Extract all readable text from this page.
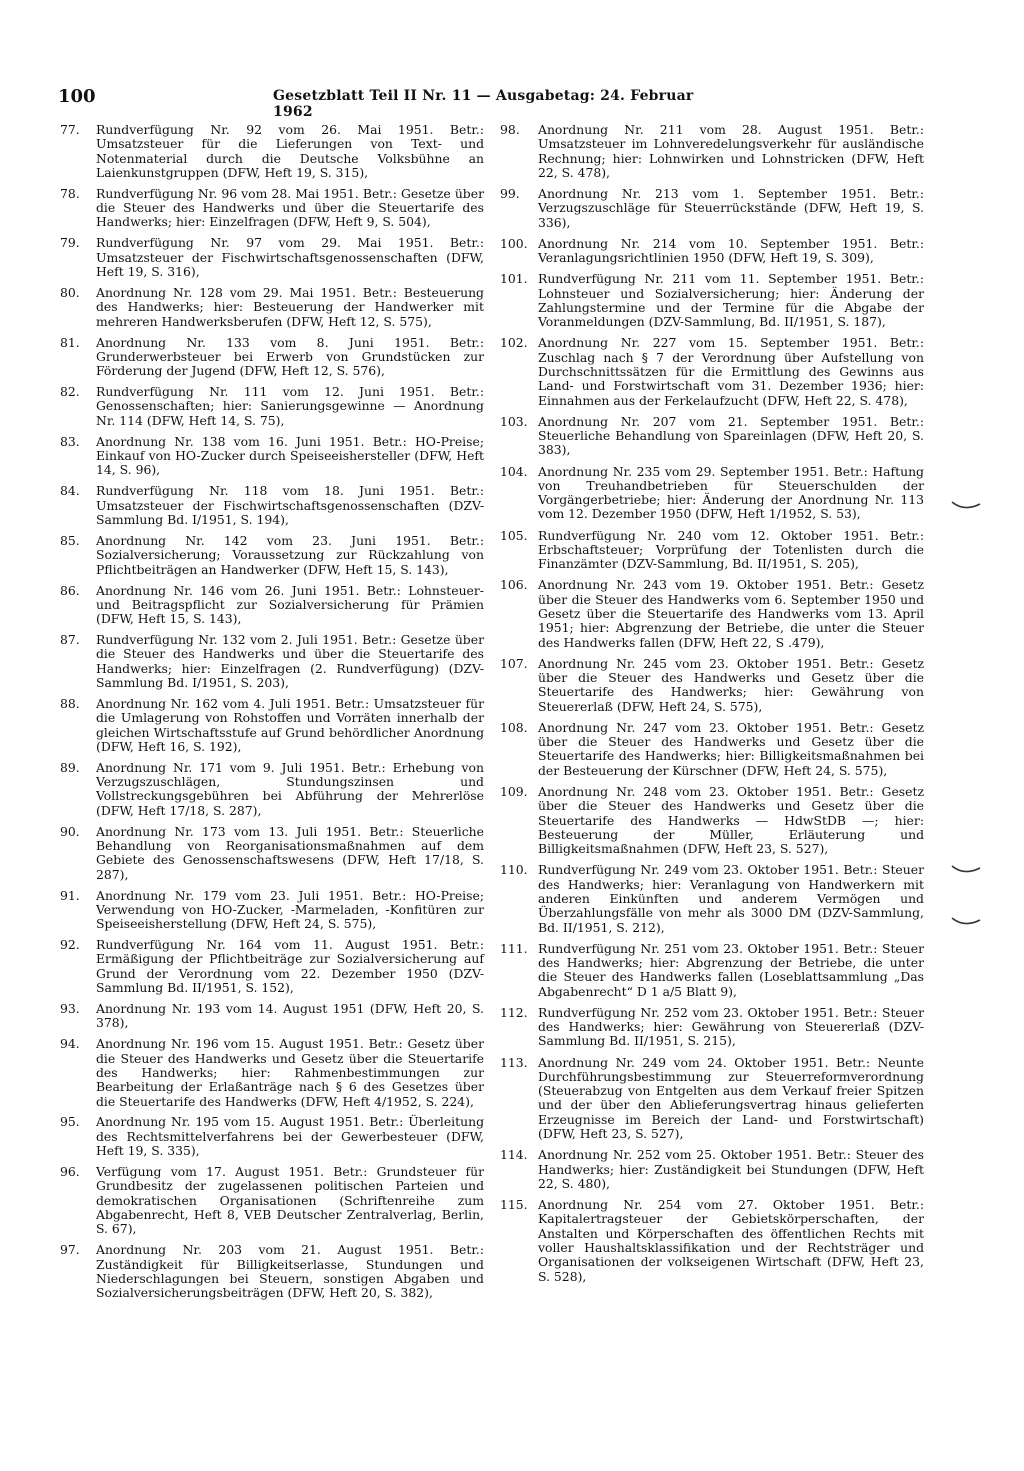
100	Gesetzblatt Teil II Nr. 11 — Ausgabetag: 24. Februar 1962
77.	Rundverfügung Nr. 92 vom 26. Mai 1951. Betr.: Umsatzsteuer für die Lieferungen von Text- und Notenmaterial durch die Deutsche Volksbühne an Laienkunstgruppen (DFW, Heft 19, S. 315),
78.	Rundverfügung Nr. 96 vom 28. Mai 1951. Betr.: Gesetze über die Steuer des Handwerks und über die Steuertarife des Handwerks; hier: Einzelfragen (DFW, Heft 9, S. 504),
79.	Rundverfügung Nr. 97 vom 29. Mai 1951. Betr.: Umsatzsteuer der Fischwirtschaftsgenossenschaften (DFW, Heft 19, S. 316),
80.	Anordnung Nr. 128 vom 29. Mai 1951. Betr.: Besteuerung des Handwerks; hier: Besteuerung der Handwerker mit mehreren Handwerksberufen (DFW, Heft 12, S. 575),
81.	Anordnung Nr. 133 vom 8. Juni 1951. Betr.: Grunderwerbsteuer bei Erwerb von Grundstücken zur Förderung der Jugend (DFW, Heft 12, S. 576),
82.	Rundverfügung Nr. 111 vom 12. Juni 1951. Betr.: Genossenschaften; hier: Sanierungsgewinne — Anordnung Nr. 114 (DFW, Heft 14, S. 75),
83.	Anordnung Nr. 138 vom 16. Juni 1951. Betr.: HO-Preise; Einkauf von HO-Zucker durch Speiseeishersteller (DFW, Heft 14, S. 96),
84.	Rundverfügung Nr. 118 vom 18. Juni 1951. Betr.: Umsatzsteuer der Fischwirtschaftsgenossenschaften (DZV-Sammlung Bd. I/1951, S. 194),
85.	Anordnung Nr. 142 vom 23. Juni 1951. Betr.: Sozialversicherung; Voraussetzung zur Rückzahlung von Pflichtbeiträgen an Handwerker (DFW, Heft 15, S. 143),
86.	Anordnung Nr. 146 vom 26. Juni 1951. Betr.: Lohnsteuer- und Beitragspflicht zur Sozialversicherung für Prämien (DFW, Heft 15, S. 143),
87.	Rundverfügung Nr. 132 vom 2. Juli 1951. Betr.: Gesetze über die Steuer des Handwerks und über die Steuertarife des Handwerks; hier: Einzelfragen (2. Rundverfügung) (DZV-Sammlung Bd. I/1951, S. 203),
88.	Anordnung Nr. 162 vom 4. Juli 1951. Betr.: Umsatzsteuer für die Umlagerung von Rohstoffen und Vorräten innerhalb der gleichen Wirtschaftsstufe auf Grund behördlicher Anordnung (DFW, Heft 16, S. 192),
89.	Anordnung Nr. 171 vom 9. Juli 1951. Betr.: Erhebung von Verzugszuschlägen, Stundungszinsen und Vollstreckungsgebühren bei Abführung der Mehrerlöse (DFW, Heft 17/18, S. 287),
90.	Anordnung Nr. 173 vom 13. Juli 1951. Betr.: Steuerliche Behandlung von Reorganisationsmaßnahmen auf dem Gebiete des Genossenschaftswesens (DFW, Heft 17/18, S. 287),
91.	Anordnung Nr. 179 vom 23. Juli 1951. Betr.: HO-Preise; Verwendung von HO-Zucker, -Marmeladen, -Konfitüren zur Speiseeisherstellung (DFW, Heft 24, S. 575),
92.	Rundverfügung Nr. 164 vom 11. August 1951. Betr.: Ermäßigung der Pflichtbeiträge zur Sozialversicherung auf Grund der Verordnung vom 22. Dezember 1950 (DZV-Sammlung Bd. II/1951, S. 152),
93.	Anordnung Nr. 193 vom 14. August 1951 (DFW, Heft 20, S. 378),
94.	Anordnung Nr. 196 vom 15. August 1951. Betr.: Gesetz über die Steuer des Handwerks und Gesetz über die Steuertarife des Handwerks; hier: Rahmenbestimmungen zur Bearbeitung der Erlaßanträge nach § 6 des Gesetzes über die Steuertarife des Handwerks (DFW, Heft 4/1952, S. 224),
95.	Anordnung Nr. 195 vom 15. August 1951. Betr.: Überleitung des Rechtsmittelverfahrens bei der Gewerbesteuer (DFW, Heft 19, S. 335),
96.	Verfügung vom 17. August 1951. Betr.: Grundsteuer für Grundbesitz der zugelassenen politischen Parteien und demokratischen Organisationen (Schriftenreihe zum Abgabenrecht, Heft 8, VEB Deutscher Zentralverlag, Berlin, S. 67),
97.	Anordnung Nr. 203 vom 21. August 1951. Betr.: Zuständigkeit für Billigkeitserlasse, Stundungen und Niederschlagungen bei Steuern, sonstigen Abgaben und Sozialversicherungsbeiträgen (DFW, Heft 20, S. 382),
98.	Anordnung Nr. 211 vom 28. August 1951. Betr.: Umsatzsteuer im Lohnveredelungsverkehr für ausländische Rechnung; hier: Lohnwirken und Lohnstricken (DFW, Heft 22, S. 478),
99.	Anordnung Nr. 213 vom 1. September 1951. Betr.: Verzugszuschläge für Steuerrückstände (DFW, Heft 19, S. 336),
100. Anordnung Nr. 214 vom 10. September 1951. Betr.: Veranlagungsrichtlinien 1950 (DFW, Heft 19, S. 309),
101. Rundverfügung Nr. 211 vom 11. September 1951. Betr.: Lohnsteuer und Sozialversicherung; hier: Änderung der Zahlungstermine und der Termine für die Abgabe der Voranmeldungen (DZV-Sammlung, Bd. II/1951, S. 187),
102. Anordnung Nr. 227 vom 15. September 1951. Betr.: Zuschlag nach § 7 der Verordnung über Aufstellung von Durchschnittssätzen für die Ermittlung des Gewinns aus Land- und Forstwirtschaft vom 31. Dezember 1936; hier: Einnahmen aus der Ferkelaufzucht (DFW, Heft 22, S. 478),
103. Anordnung Nr. 207 vom 21. September 1951. Betr.: Steuerliche Behandlung von Spareinlagen (DFW, Heft 20, S. 383),
104. Anordnung Nr. 235 vom 29. September 1951. Betr.: Haftung von Treuhandbetrieben für Steuerschulden der Vorgängerbetriebe; hier: Änderung der Anordnung Nr. 113 vom 12. Dezember 1950 (DFW, Heft 1/1952, S. 53),
105. Rundverfügung Nr. 240 vom 12. Oktober 1951. Betr.: Erbschaftsteuer; Vorprüfung der Totenlisten durch die Finanzämter (DZV-Sammlung, Bd. II/1951, S. 205),
106. Anordnung Nr. 243 vom 19. Oktober 1951. Betr.: Gesetz über die Steuer des Handwerks vom 6. September 1950 und Gesetz über die Steuertarife des Handwerks vom 13. April 1951; hier: Abgrenzung der Betriebe, die unter die Steuer des Handwerks fallen (DFW, Heft 22, S .479),
107. Anordnung Nr. 245 vom 23. Oktober 1951. Betr.: Gesetz über die Steuer des Handwerks und Gesetz über die Steuertarife des Handwerks; hier: Gewährung von Steuererlaß (DFW, Heft 24, S. 575),
108. Anordnung Nr. 247 vom 23. Oktober 1951. Betr.: Gesetz über die Steuer des Handwerks und Gesetz über die Steuertarife des Handwerks; hier: Billigkeitsmaßnahmen bei der Besteuerung der Kürschner (DFW, Heft 24, S. 575),
109. Anordnung Nr. 248 vom 23. Oktober 1951. Betr.: Gesetz über die Steuer des Handwerks und Gesetz über die Steuertarife des Handwerks — HdwStDB —; hier: Besteuerung der Müller, Erläuterung und Billigkeitsmaßnahmen (DFW, Heft 23, S. 527),
110. Rundverfügung Nr. 249 vom 23. Oktober 1951. Betr.: Steuer des Handwerks; hier: Veranlagung von Handwerkern mit anderen Einkünften und anderem Vermögen und Überzahlungsfälle von mehr als 3000 DM (DZV-Sammlung, Bd. II/1951, S. 212),
111. Rundverfügung Nr. 251 vom 23. Oktober 1951. Betr.: Steuer des Handwerks; hier: Abgrenzung der Betriebe, die unter die Steuer des Handwerks fallen (Loseblattsammlung „Das Abgabenrecht“ D 1 a/5 Blatt 9),
112. Rundverfügung Nr. 252 vom 23. Oktober 1951. Betr.: Steuer des Handwerks; hier: Gewährung von Steuererlaß (DZV-Sammlung Bd. II/1951, S. 215),
113. Anordnung Nr. 249 vom 24. Oktober 1951. Betr.: Neunte Durchführungsbestimmung zur Steuerreformverordnung (Steuerabzug von Entgelten aus dem Verkauf freier Spitzen und der über den Ablieferungsvertrag hinaus gelieferten Erzeugnisse im Bereich der Land- und Forstwirtschaft) (DFW, Heft 23, S. 527),
114. Anordnung Nr. 252 vom 25. Oktober 1951. Betr.: Steuer des Handwerks; hier: Zuständigkeit bei Stundungen (DFW, Heft 22, S. 480),
115. Anordnung Nr. 254 vom 27. Oktober 1951. Betr.: Kapitalertragsteuer der Gebietskörperschaften, der Anstalten und Körperschaften des öffentlichen Rechts mit voller Haushaltsklassifikation und der Rechtsträger und Organisationen der volkseigenen Wirtschaft (DFW, Heft 23, S. 528),
